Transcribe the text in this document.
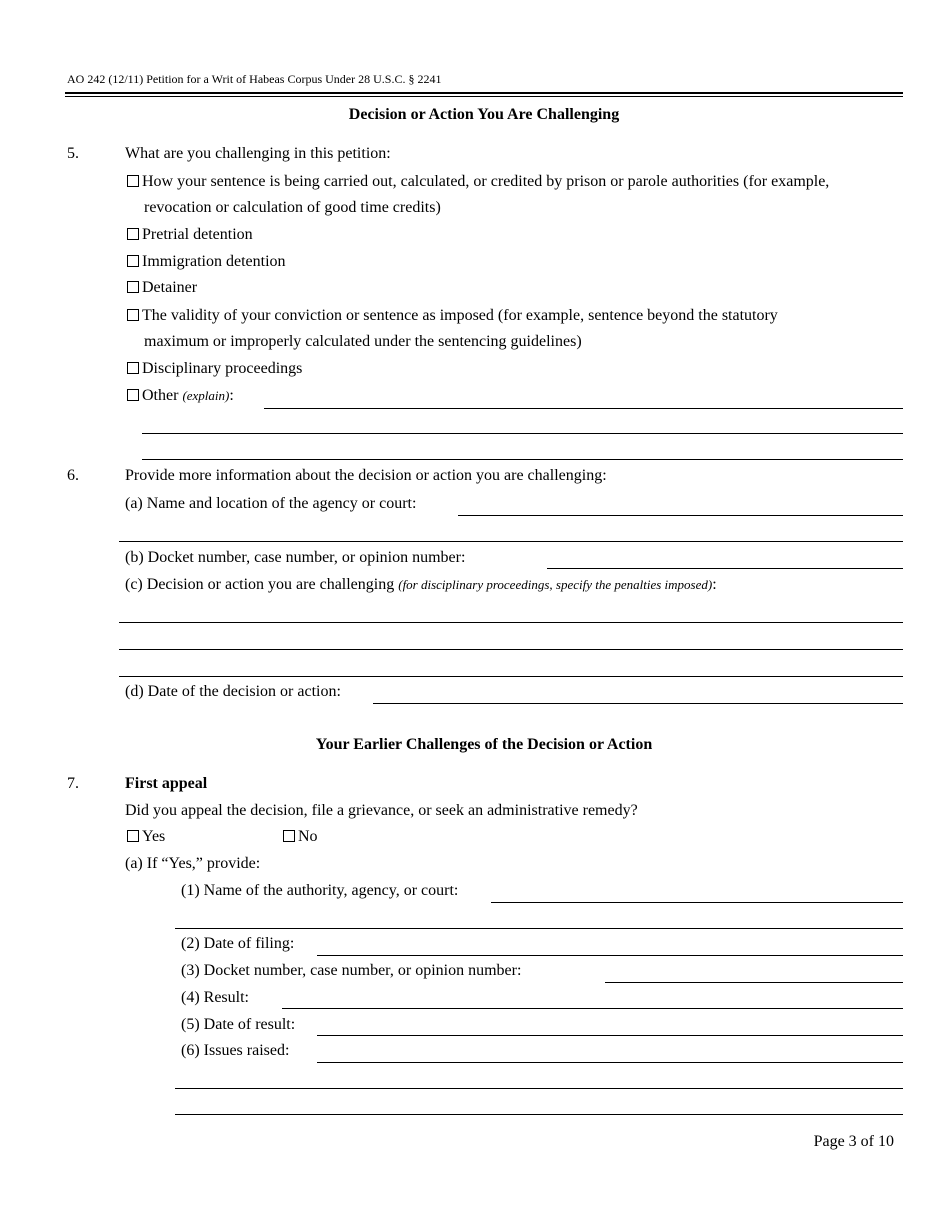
AO 242 (12/11) Petition for a Writ of Habeas Corpus Under 28 U.S.C. § 2241
Decision or Action You Are Challenging
5.	What are you challenging in this petition:
How your sentence is being carried out, calculated, or credited by prison or parole authorities (for example,
revocation or calculation of good time credits)
Pretrial detention
Immigration detention
Detainer
The validity of your conviction or sentence as imposed (for example, sentence beyond the statutory
maximum or improperly calculated under the sentencing guidelines)
Disciplinary proceedings
Other (explain):
6.	Provide more information about the decision or action you are challenging:
(a) Name and location of the agency or court:
(b) Docket number, case number, or opinion number:
(c) Decision or action you are challenging (for disciplinary proceedings, specify the penalties imposed):
(d) Date of the decision or action:
Your Earlier Challenges of the Decision or Action
7.	First appeal
Did you appeal the decision, file a grievance, or seek an administrative remedy?
Yes	No
(a) If “Yes,” provide:
(1) Name of the authority, agency, or court:
(2) Date of filing:
(3) Docket number, case number, or opinion number:
(4) Result:
(5) Date of result:
(6) Issues raised:
Page 3 of 10
